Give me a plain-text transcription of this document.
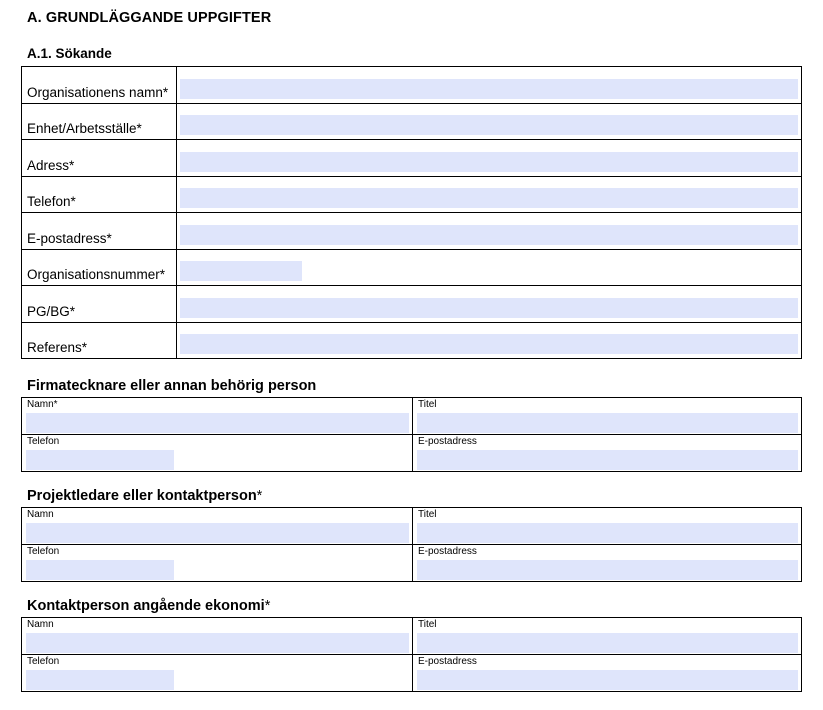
A. GRUNDLÄGGANDE UPPGIFTER
A.1. Sökande
Organisationens namn*	

Enhet/Arbetsställe*	

Adress*	

Telefon*	

E-postadress*	

Organisationsnummer*	

PG/BG*	

Referens*	
Firmatecknare eller annan behörig person
Namn*	Titel

Telefon	E-postadress
Projektledare eller kontaktperson*
Namn	Titel

Telefon	E-postadress
Kontaktperson angående ekonomi*
Namn	Titel

Telefon	E-postadress
